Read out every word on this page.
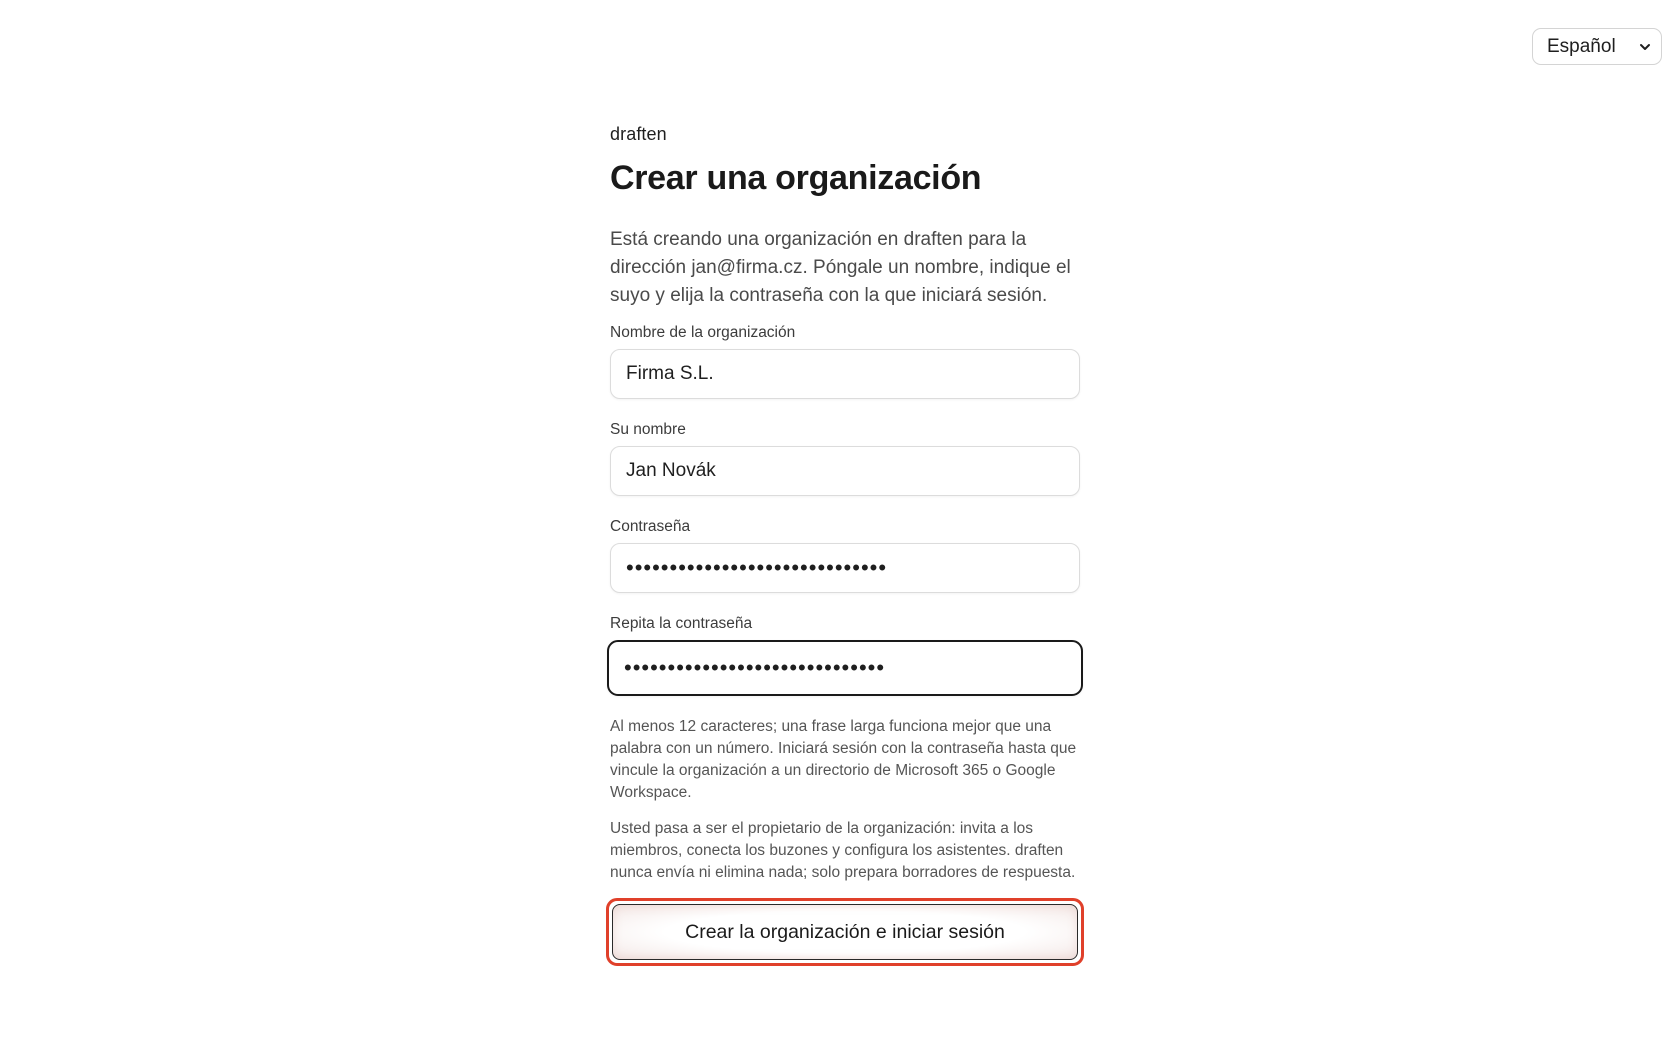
Español
draften
Crear una organización

Está creando una organización en draften para la dirección jan@firma.cz. Póngale un nombre, indique el suyo y elija la contraseña con la que iniciará sesión.

Nombre de la organización
Firma S.L.
Su nombre
Jan Novák
Contraseña
••••••••••••••••••••••••••••••
Repita la contraseña
••••••••••••••••••••••••••••••

Al menos 12 caracteres; una frase larga funciona mejor que una palabra con un número. Iniciará sesión con la contraseña hasta que vincule la organización a un directorio de Microsoft 365 o Google Workspace.

Usted pasa a ser el propietario de la organización: invita a los miembros, conecta los buzones y configura los asistentes. draften nunca envía ni elimina nada; solo prepara borradores de respuesta.

Crear la organización e iniciar sesión
